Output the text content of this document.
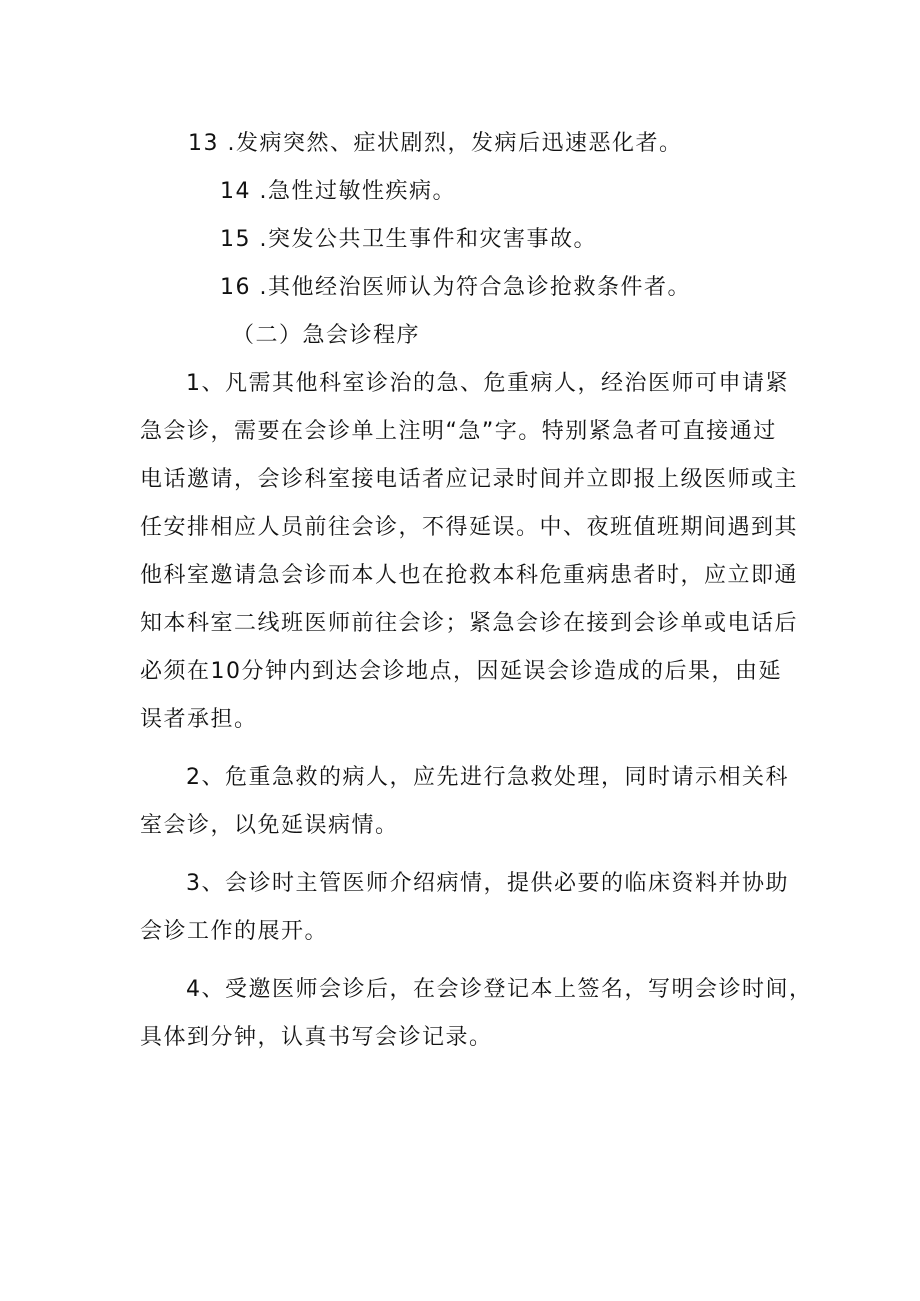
13 .发病突然、症状剧烈，发病后迅速恶化者。
14 .急性过敏性疾病。
15 .突发公共卫生事件和灾害事故。
16 .其他经治医师认为符合急诊抢救条件者。
（二）急会诊程序
1、凡需其他科室诊治的急、危重病人，经治医师可申请紧
急会诊，需要在会诊单上注明“急”字。特别紧急者可直接通过
电话邀请，会诊科室接电话者应记录时间并立即报上级医师或主
任安排相应人员前往会诊，不得延误。中、夜班值班期间遇到其
他科室邀请急会诊而本人也在抢救本科危重病患者时，应立即通
知本科室二线班医师前往会诊；紧急会诊在接到会诊单或电话后
必须在10分钟内到达会诊地点，因延误会诊造成的后果，由延
误者承担。
2、危重急救的病人，应先进行急救处理，同时请示相关科
室会诊，以免延误病情。
3、会诊时主管医师介绍病情，提供必要的临床资料并协助
会诊工作的展开。
4、受邀医师会诊后，在会诊登记本上签名，写明会诊时间，
具体到分钟，认真书写会诊记录。
